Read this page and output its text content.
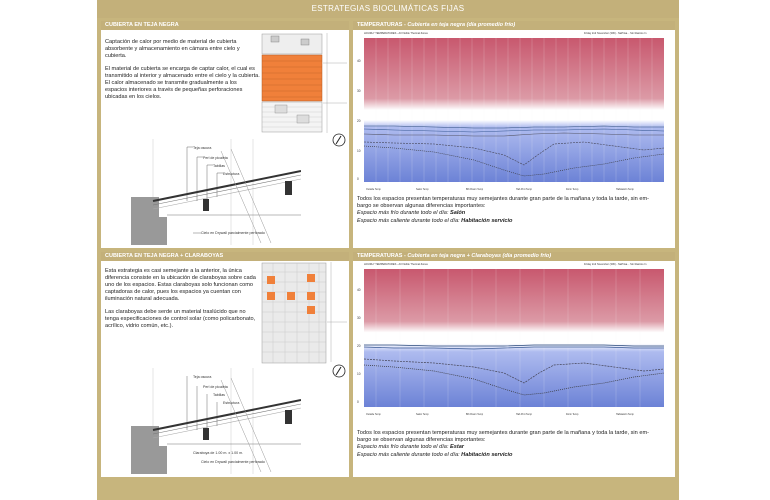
ESTRATEGIAS BIOCLIMÁTICAS FIJAS
CUBIERTA EN TEJA NEGRA

Captación de calor por medio de material de cubierta absorbente y almacenamiento en cámara entre cielo y cubierta.

El material de cubierta se encarga de captar calor, el cual es transmitido al interior y almacenado entre el cielo y la cubierta. El calor almacenado se transmite gradualmente a los espacios interiores a través de pequeñas perforaciones ubicadas en los cielos.

Teja oscura
Perl de picaleta
Tabillas
Estructura
Cielo en Drywall parcialmente perforado
TEMPERATURAS - Cubierta en teja negra (día promedio frío)
HOURLY TEMPERATURES - All Visible Thermal Zones	Friday 2nd November (306) - NaPrisa... Sin Rastros In
40
30
20
10
0
Outside Temp	Salon Temp	Bth Room Temp	Hab Prot Temp	Dorm Temp	Habitación Temp
Todos los espacios presentan temperaturas muy semejantes durante gran parte de la mañana y toda la tarde, sin em-
bargo se observan algunas diferencias importantes:
Espacio más frío durante todo el día: Salón
Espacio más caliente durante todo el día: Habitación servicio
CUBIERTA EN TEJA NEGRA + CLARABOYAS

Esta estrategia es casi semejante a la anterior, la única diferencia consiste en la ubicación de claraboyas sobre cada uno de los espacios. Estas claraboyas solo funcionan como captadoras de calor, pues los espacios ya cuentan con iluminación natural adecuada.

Las claraboyas debe serde un material traslúcido que no tenga especificaciones de control solar (como policarbonato, acrílico, vidrio común, etc.).

Teja oscura
Perl de picaleta
Tabillas
Estructura
Claraboya de 1.00 m. x 1.00 m.
Cielo en Drywall parcialmente perforado
TEMPERATURAS - Cubierta en teja negra + Claraboyas (día promedio frío)
HOURLY TEMPERATURES - All Visible Thermal Zones	Friday 2nd November (306) - NaPrisa... Sin Rastros In
40
30
20
10
0
Outside Temp	Salon Temp	Bth Room Temp	Hab Prot Temp	Dorm Temp	Habitación Temp
Todos los espacios presentan temperaturas muy semejantes durante gran parte de la mañana y toda la tarde, sin em-
bargo se observan algunas diferencias importantes:
Espacio más frío durante todo el día: Estar
Espacio más caliente durante todo el día: Habitación servicio
